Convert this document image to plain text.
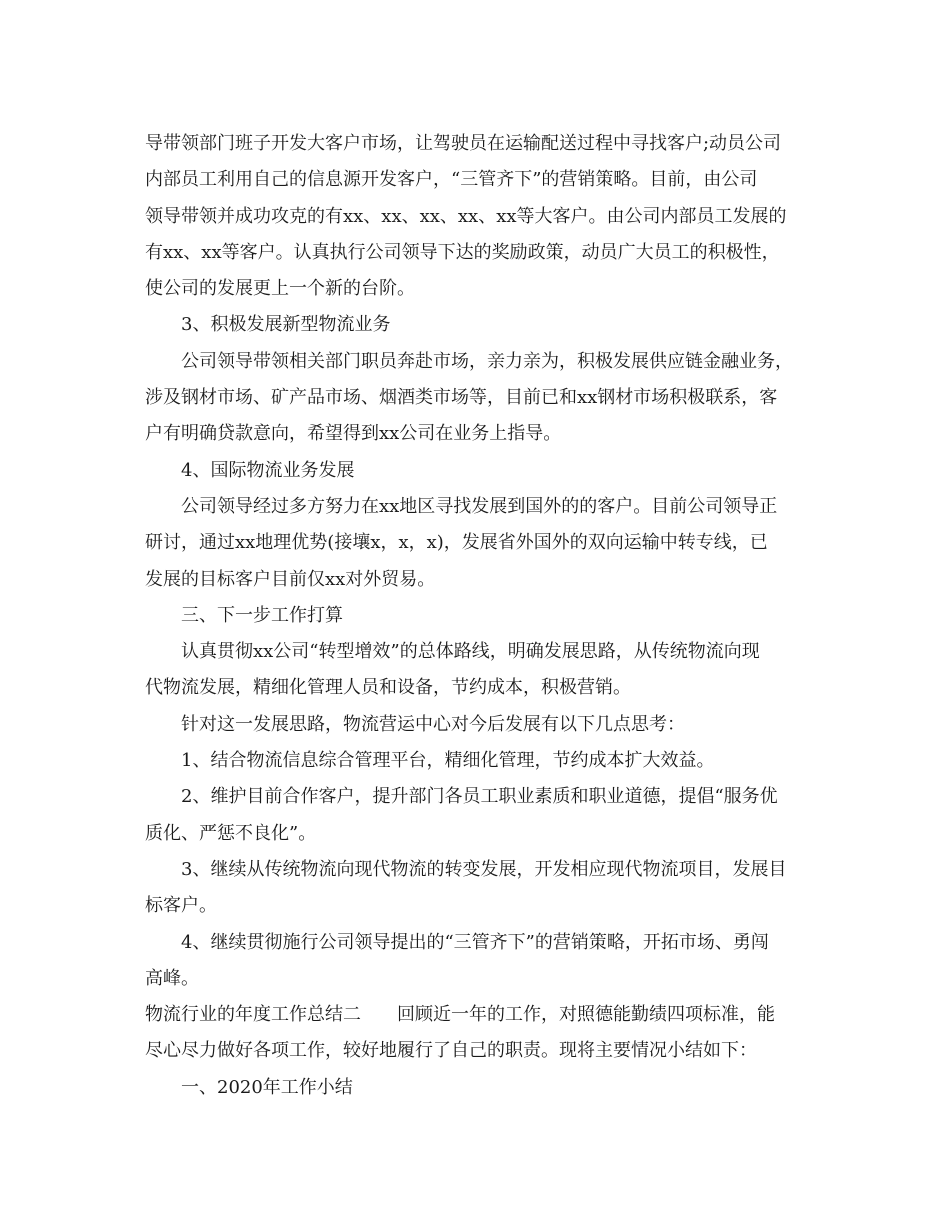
导带领部门班子开发大客户市场，让驾驶员在运输配送过程中寻找客户;动员公司
内部员工利用自己的信息源开发客户，“三管齐下”的营销策略。目前，由公司
领导带领并成功攻克的有xx、xx、xx、xx、xx等大客户。由公司内部员工发展的
有xx、xx等客户。认真执行公司领导下达的奖励政策，动员广大员工的积极性，
使公司的发展更上一个新的台阶。
3、积极发展新型物流业务
公司领导带领相关部门职员奔赴市场，亲力亲为，积极发展供应链金融业务，
涉及钢材市场、矿产品市场、烟酒类市场等，目前已和xx钢材市场积极联系，客
户有明确贷款意向，希望得到xx公司在业务上指导。
4、国际物流业务发展
公司领导经过多方努力在xx地区寻找发展到国外的的客户。目前公司领导正
研讨，通过xx地理优势(接壤x，x，x)，发展省外国外的双向运输中转专线，已
发展的目标客户目前仅xx对外贸易。
三、下一步工作打算
认真贯彻xx公司“转型增效”的总体路线，明确发展思路，从传统物流向现
代物流发展，精细化管理人员和设备，节约成本，积极营销。
针对这一发展思路，物流营运中心对今后发展有以下几点思考：
1、结合物流信息综合管理平台，精细化管理，节约成本扩大效益。
2、维护目前合作客户，提升部门各员工职业素质和职业道德，提倡“服务优
质化、严惩不良化”。
3、继续从传统物流向现代物流的转变发展，开发相应现代物流项目，发展目
标客户。
4、继续贯彻施行公司领导提出的“三管齐下”的营销策略，开拓市场、勇闯
高峰。
物流行业的年度工作总结二　　回顾近一年的工作，对照德能勤绩四项标准，能
尽心尽力做好各项工作，较好地履行了自己的职责。现将主要情况小结如下：
一、2020年工作小结
